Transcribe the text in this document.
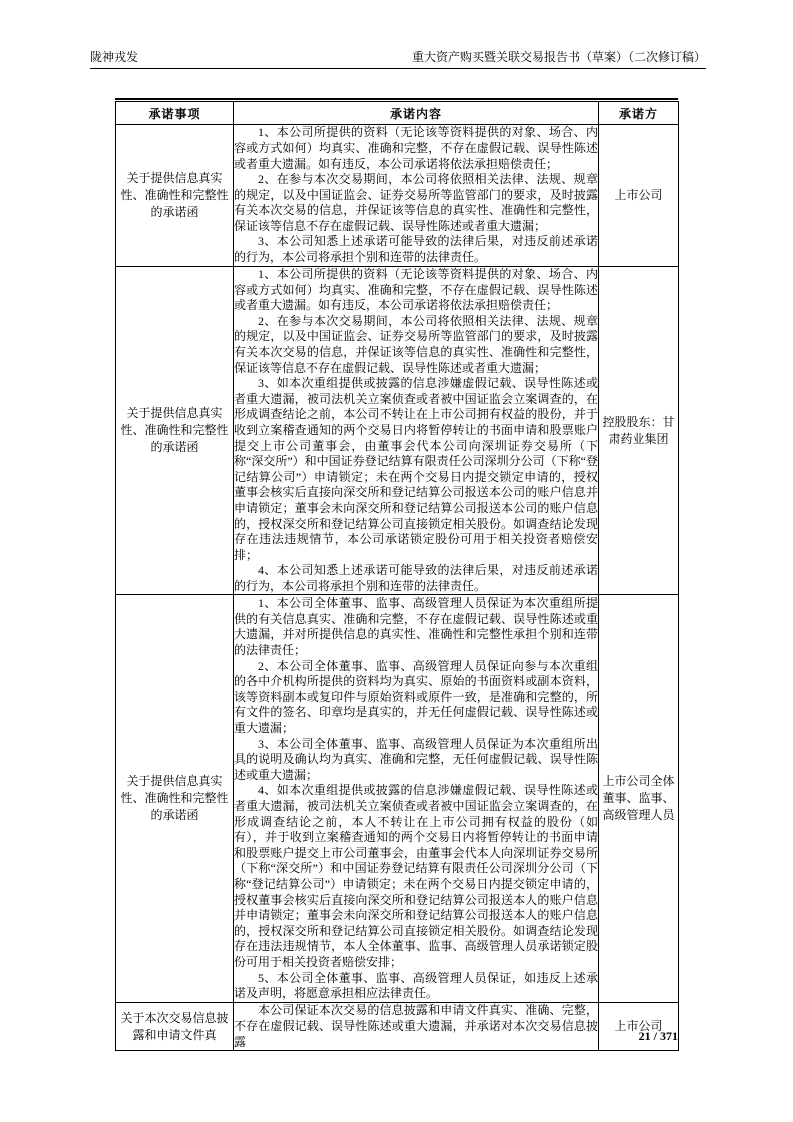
陇神戎发	重大资产购买暨关联交易报告书（草案）（二次修订稿）
承诺事项	承诺内容	承诺方
关于提供信息真实性、准确性和完整性的承诺函	1、本公司所提供的资料（无论该等资料提供的对象、场合、内容或方式如何）均真实、准确和完整，不存在虚假记载、误导性陈述或者重大遗漏。如有违反，本公司承诺将依法承担赔偿责任；

2、在参与本次交易期间，本公司将依照相关法律、法规、规章的规定，以及中国证监会、证券交易所等监管部门的要求，及时披露有关本次交易的信息，并保证该等信息的真实性、准确性和完整性，保证该等信息不存在虚假记载、误导性陈述或者重大遗漏；

3、本公司知悉上述承诺可能导致的法律后果，对违反前述承诺的行为，本公司将承担个别和连带的法律责任。	上市公司
关于提供信息真实性、准确性和完整性的承诺函	1、本公司所提供的资料（无论该等资料提供的对象、场合、内容或方式如何）均真实、准确和完整，不存在虚假记载、误导性陈述或者重大遗漏。如有违反，本公司承诺将依法承担赔偿责任；

2、在参与本次交易期间，本公司将依照相关法律、法规、规章的规定，以及中国证监会、证券交易所等监管部门的要求，及时披露有关本次交易的信息，并保证该等信息的真实性、准确性和完整性，保证该等信息不存在虚假记载、误导性陈述或者重大遗漏；

3、如本次重组提供或披露的信息涉嫌虚假记载、误导性陈述或者重大遗漏，被司法机关立案侦查或者被中国证监会立案调查的，在形成调查结论之前，本公司不转让在上市公司拥有权益的股份，并于收到立案稽查通知的两个交易日内将暂停转让的书面申请和股票账户提交上市公司董事会，由董事会代本公司向深圳证券交易所（下称“深交所”）和中国证券登记结算有限责任公司深圳分公司（下称“登记结算公司”）申请锁定；未在两个交易日内提交锁定申请的，授权董事会核实后直接向深交所和登记结算公司报送本公司的账户信息并申请锁定；董事会未向深交所和登记结算公司报送本公司的账户信息的，授权深交所和登记结算公司直接锁定相关股份。如调查结论发现存在违法违规情节，本公司承诺锁定股份可用于相关投资者赔偿安排；

4、本公司知悉上述承诺可能导致的法律后果，对违反前述承诺的行为，本公司将承担个别和连带的法律责任。	控股股东：甘肃药业集团
关于提供信息真实性、准确性和完整性的承诺函	1、本公司全体董事、监事、高级管理人员保证为本次重组所提供的有关信息真实、准确和完整，不存在虚假记载、误导性陈述或重大遗漏，并对所提供信息的真实性、准确性和完整性承担个别和连带的法律责任；

2、本公司全体董事、监事、高级管理人员保证向参与本次重组的各中介机构所提供的资料均为真实、原始的书面资料或副本资料，该等资料副本或复印件与原始资料或原件一致，是准确和完整的，所有文件的签名、印章均是真实的，并无任何虚假记载、误导性陈述或重大遗漏；

3、本公司全体董事、监事、高级管理人员保证为本次重组所出具的说明及确认均为真实、准确和完整，无任何虚假记载、误导性陈述或重大遗漏；

4、如本次重组提供或披露的信息涉嫌虚假记载、误导性陈述或者重大遗漏，被司法机关立案侦查或者被中国证监会立案调查的，在形成调查结论之前，本人不转让在上市公司拥有权益的股份（如有），并于收到立案稽查通知的两个交易日内将暂停转让的书面申请和股票账户提交上市公司董事会，由董事会代本人向深圳证券交易所（下称“深交所”）和中国证券登记结算有限责任公司深圳分公司（下称“登记结算公司”）申请锁定；未在两个交易日内提交锁定申请的，授权董事会核实后直接向深交所和登记结算公司报送本人的账户信息并申请锁定；董事会未向深交所和登记结算公司报送本人的账户信息的，授权深交所和登记结算公司直接锁定相关股份。如调查结论发现存在违法违规情节，本人全体董事、监事、高级管理人员承诺锁定股份可用于相关投资者赔偿安排；

5、本公司全体董事、监事、高级管理人员保证，如违反上述承诺及声明，将愿意承担相应法律责任。	上市公司全体董事、监事、高级管理人员
关于本次交易信息披露和申请文件真	本公司保证本次交易的信息披露和申请文件真实、准确、完整，不存在虚假记载、误导性陈述或重大遗漏，并承诺对本次交易信息披露	上市公司
21 / 371
